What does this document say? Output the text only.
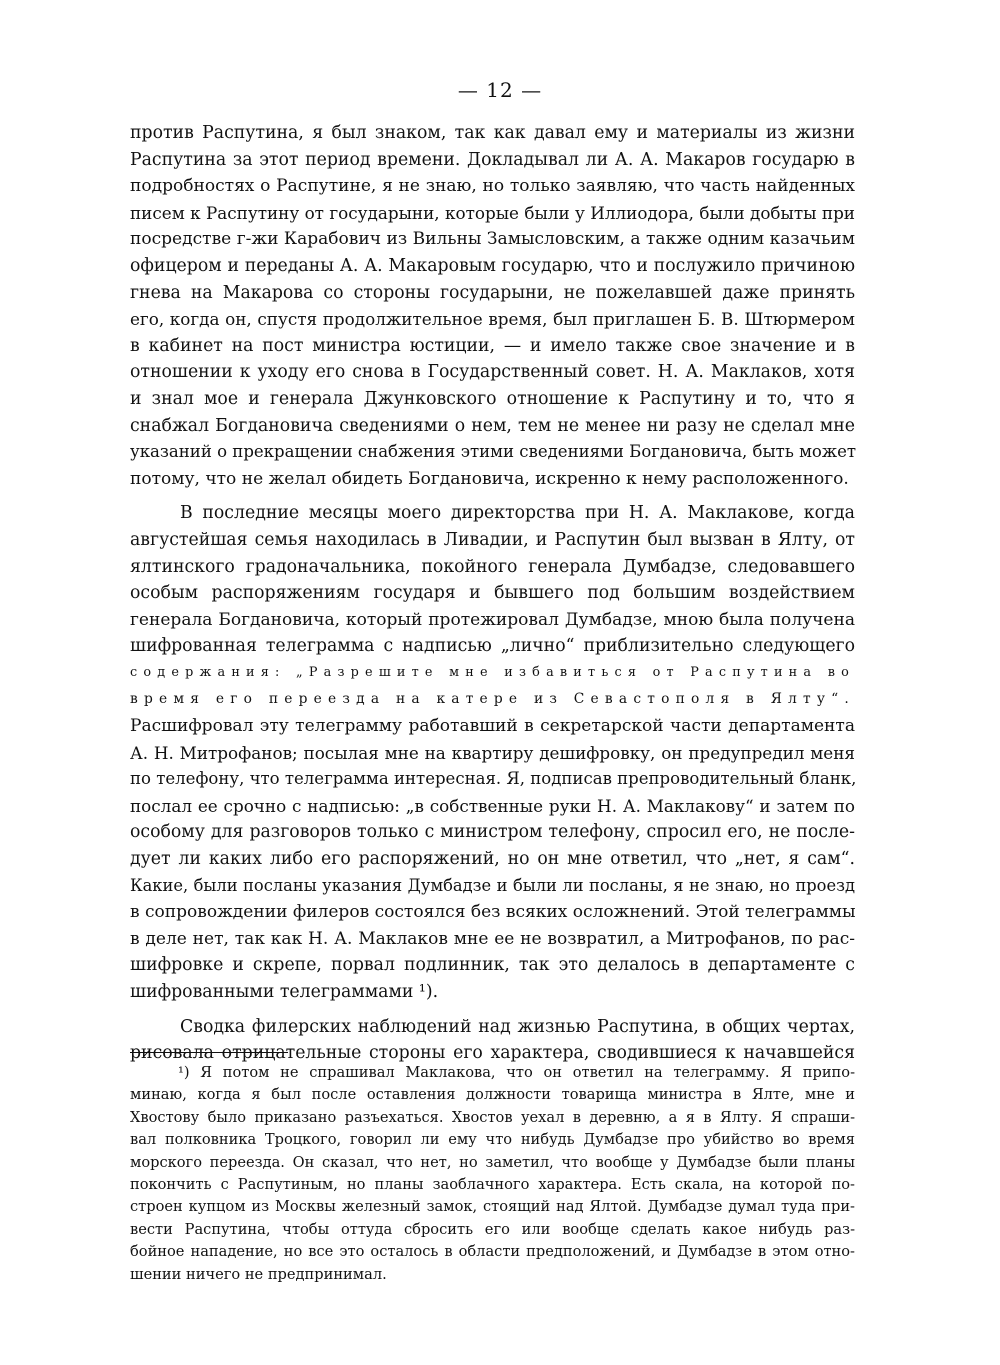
— 12 —

против Распутина, я был знаком, так как давал ему и материалы из жизни

Распутина за этот период времени. Докладывал ли А. А. Макаров государю в

подробностях о Распутине, я не знаю, но только заявляю, что часть найденных

писем к Распутину от государыни, которые были у Иллиодора, были добыты при

посредстве г-жи Карабович из Вильны Замысловским, а также одним казачьим

офицером и переданы А. А. Макаровым государю, что и послужило причиною

гнева на Макарова со стороны государыни, не пожелавшей даже принять

его, когда он, спустя продолжительное время, был приглашен Б. В. Штюрмером

в кабинет на пост министра юстиции, — и имело также свое значение и в

отношении к уходу его снова в Государственный совет. Н. А. Маклаков, хотя

и знал мое и генерала Джунковского отношение к Распутину и то, что я

снабжал Богдановича сведениями о нем, тем не менее ни разу не сделал мне

указаний о прекращении снабжения этими сведениями Богдановича, быть может

потому, что не желал обидеть Богдановича, искренно к нему расположенного.

В последние месяцы моего директорства при Н. А. Маклакове, когда

августейшая семья находилась в Ливадии, и Распутин был вызван в Ялту, от

ялтинского градоначальника, покойного генерала Думбадзе, следовавшего

особым распоряжениям государя и бывшего под большим воздействием

генерала Богдановича, который протежировал Думбадзе, мною была получена

шифрованная телеграмма с надписью „лично“ приблизительно следующего

содержания: „Разрешите мне избавиться от Распутина во

время его переезда на катере из Севастополя в Ялту“.

Расшифровал эту телеграмму работавший в секретарской части департамента

А. Н. Митрофанов; посылая мне на квартиру дешифровку, он предупредил меня

по телефону, что телеграмма интересная. Я, подписав препроводительный бланк,

послал ее срочно с надписью: „в собственные руки Н. А. Маклакову“ и затем по

особому для разговоров только с министром телефону, спросил его, не после-

дует ли каких либо его распоряжений, но он мне ответил, что „нет, я сам“.

Какие, были посланы указания Думбадзе и были ли посланы, я не знаю, но проезд

в сопровождении филеров состоялся без всяких осложнений. Этой телеграммы

в деле нет, так как Н. А. Маклаков мне ее не возвратил, а Митрофанов, по рас-

шифровке и скрепе, порвал подлинник, так это делалось в департаменте с

шифрованными телеграммами ¹).

Сводка филерских наблюдений над жизнью Распутина, в общих чертах,

рисовала отрицательные стороны его характера, сводившиеся к начавшейся

¹) Я потом не спрашивал Маклакова, что он ответил на телеграмму. Я припо-

минаю, когда я был после оставления должности товарища министра в Ялте, мне и

Хвостову было приказано разъехаться. Хвостов уехал в деревню, а я в Ялту. Я спраши-

вал полковника Троцкого, говорил ли ему что нибудь Думбадзе про убийство во время

морского переезда. Он сказал, что нет, но заметил, что вообще у Думбадзе были планы

покончить с Распутиным, но планы заоблачного характера. Есть скала, на которой по-

строен купцом из Москвы железный замок, стоящий над Ялтой. Думбадзе думал туда при-

вести Распутина, чтобы оттуда сбросить его или вообще сделать какое нибудь раз-

бойное нападение, но все это осталось в области предположений, и Думбадзе в этом отно-

шении ничего не предпринимал.
